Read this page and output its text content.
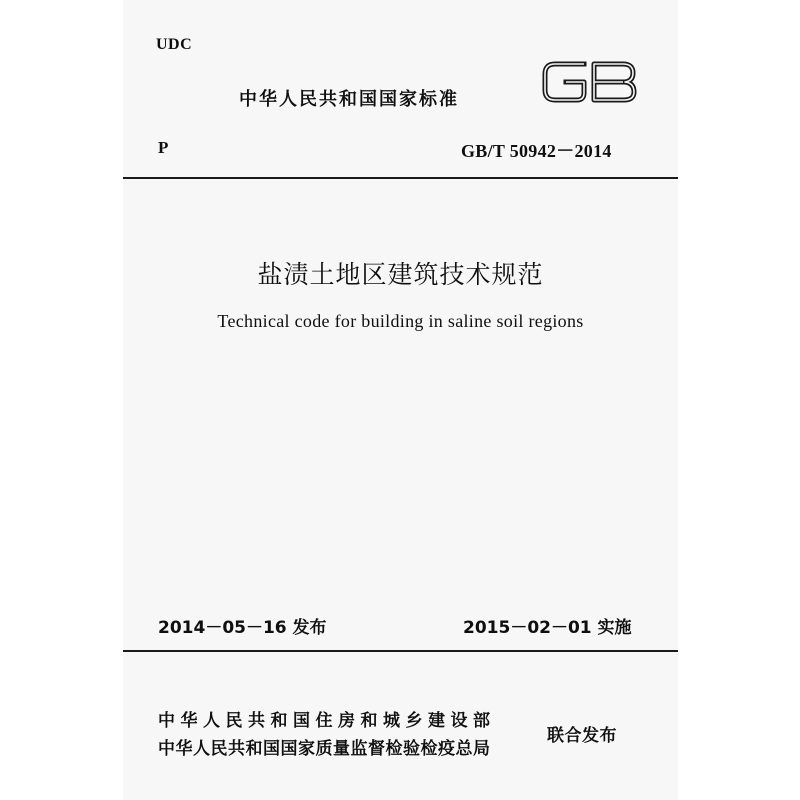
UDC
中华人民共和国国家标准
P	GB/T 50942－2014
盐渍土地区建筑技术规范
Technical code for building in saline soil regions
2014－05－16 发布	2015－02－01 实施
中华人民共和国住房和城乡建设部
中华人民共和国国家质量监督检验检疫总局
联合发布
